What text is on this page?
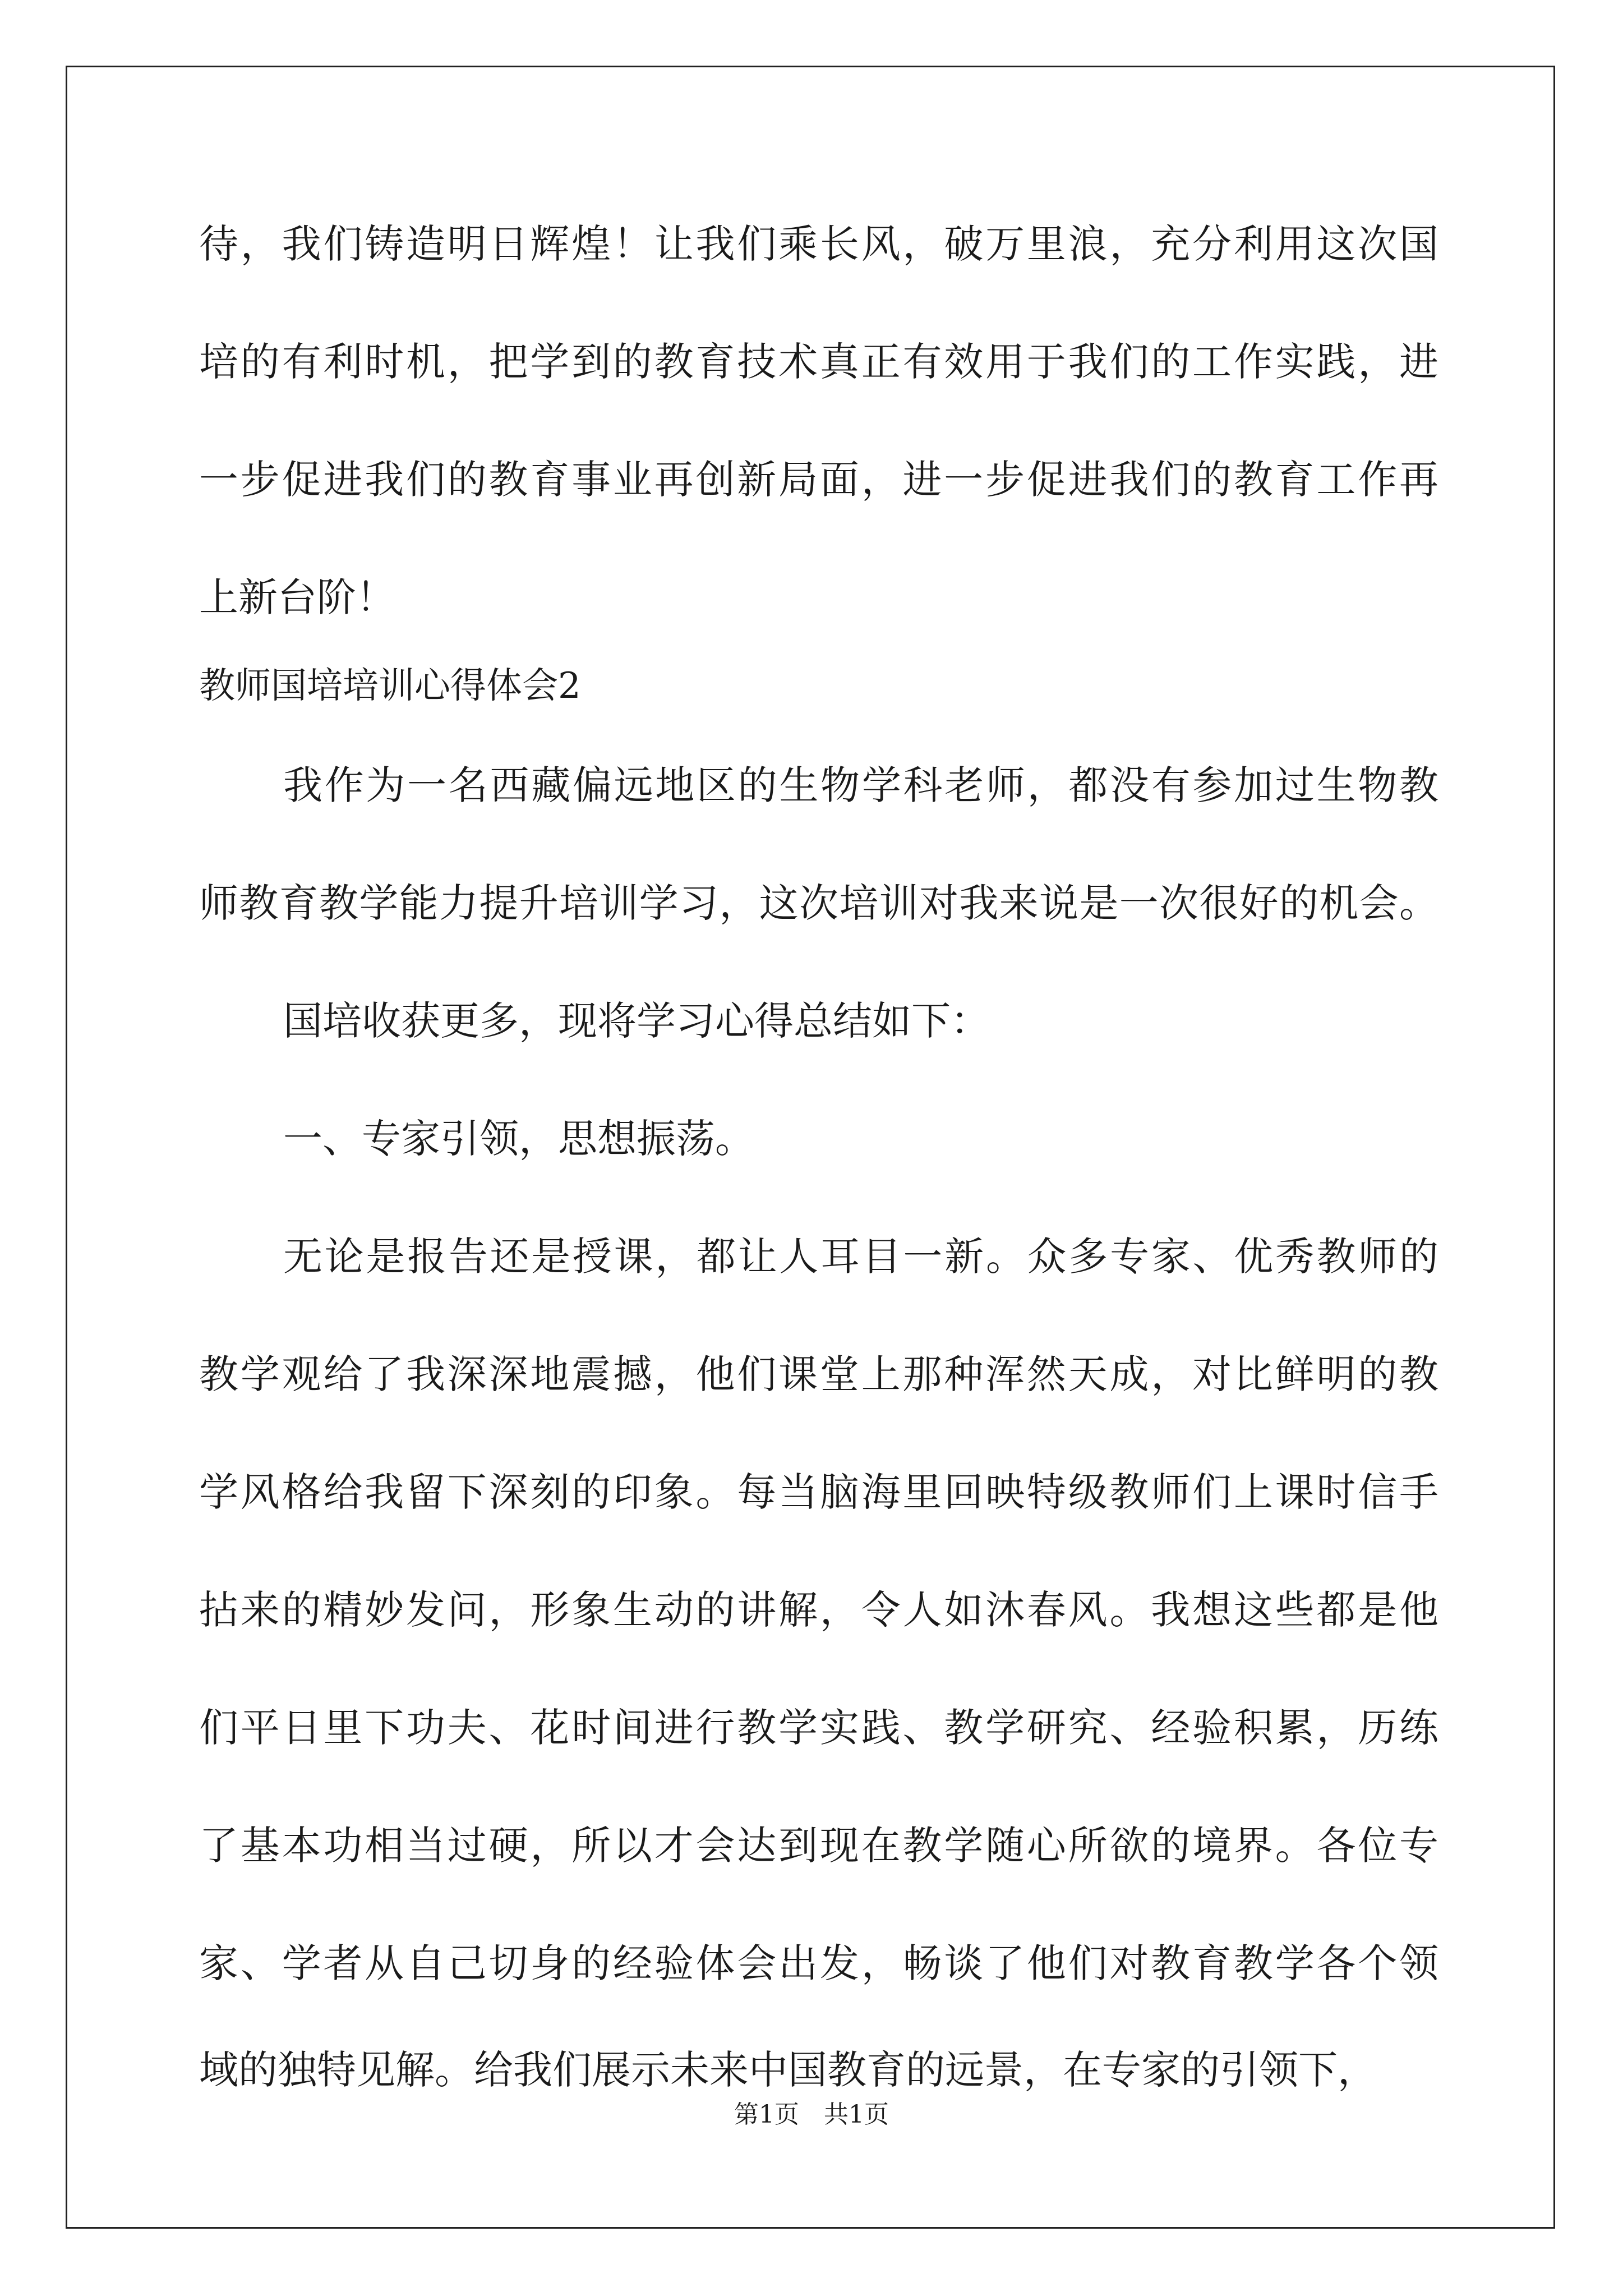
待，我们铸造明日辉煌！让我们乘长风，破万里浪，充分利用这次国
培的有利时机，把学到的教育技术真正有效用于我们的工作实践，进
一步促进我们的教育事业再创新局面，进一步促进我们的教育工作再
上新台阶！
教师国培培训心得体会2
我作为一名西藏偏远地区的生物学科老师，都没有参加过生物教
师教育教学能力提升培训学习，这次培训对我来说是一次很好的机会。
国培收获更多，现将学习心得总结如下：
一、专家引领，思想振荡。
无论是报告还是授课，都让人耳目一新。众多专家、优秀教师的
教学观给了我深深地震撼，他们课堂上那种浑然天成，对比鲜明的教
学风格给我留下深刻的印象。每当脑海里回映特级教师们上课时信手
拈来的精妙发问，形象生动的讲解，令人如沐春风。我想这些都是他
们平日里下功夫、花时间进行教学实践、教学研究、经验积累，历练
了基本功相当过硬，所以才会达到现在教学随心所欲的境界。各位专
家、学者从自己切身的经验体会出发，畅谈了他们对教育教学各个领
域的独特见解。给我们展示未来中国教育的远景，在专家的引领下，
第1页　共1页
